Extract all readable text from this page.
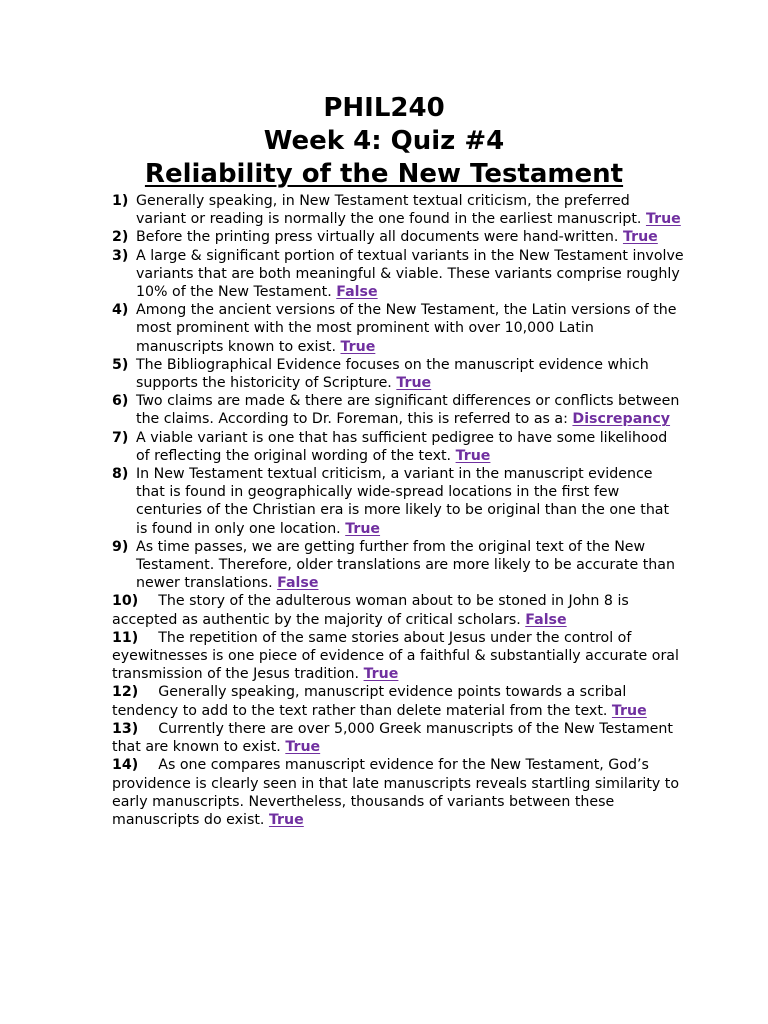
PHIL240
Week 4: Quiz #4
Reliability of the New Testament
1) Generally speaking, in New Testament textual criticism, the preferred variant or reading is normally the one found in the earliest manuscript. True
2) Before the printing press virtually all documents were hand-written. True
3) A large & significant portion of textual variants in the New Testament involve variants that are both meaningful & viable. These variants comprise roughly 10% of the New Testament. False
4) Among the ancient versions of the New Testament, the Latin versions of the most prominent with the most prominent with over 10,000 Latin manuscripts known to exist. True
5) The Bibliographical Evidence focuses on the manuscript evidence which supports the historicity of Scripture. True
6) Two claims are made & there are significant differences or conflicts between the claims. According to Dr. Foreman, this is referred to as a: Discrepancy
7) A viable variant is one that has sufficient pedigree to have some likelihood of reflecting the original wording of the text. True
8) In New Testament textual criticism, a variant in the manuscript evidence that is found in geographically wide-spread locations in the first few centuries of the Christian era is more likely to be original than the one that is found in only one location. True
9) As time passes, we are getting further from the original text of the New Testament. Therefore, older translations are more likely to be accurate than newer translations. False
10) The story of the adulterous woman about to be stoned in John 8 is accepted as authentic by the majority of critical scholars. False
11) The repetition of the same stories about Jesus under the control of eyewitnesses is one piece of evidence of a faithful & substantially accurate oral transmission of the Jesus tradition. True
12) Generally speaking, manuscript evidence points towards a scribal tendency to add to the text rather than delete material from the text. True
13) Currently there are over 5,000 Greek manuscripts of the New Testament that are known to exist. True
14) As one compares manuscript evidence for the New Testament, God’s providence is clearly seen in that late manuscripts reveals startling similarity to early manuscripts. Nevertheless, thousands of variants between these manuscripts do exist. True
